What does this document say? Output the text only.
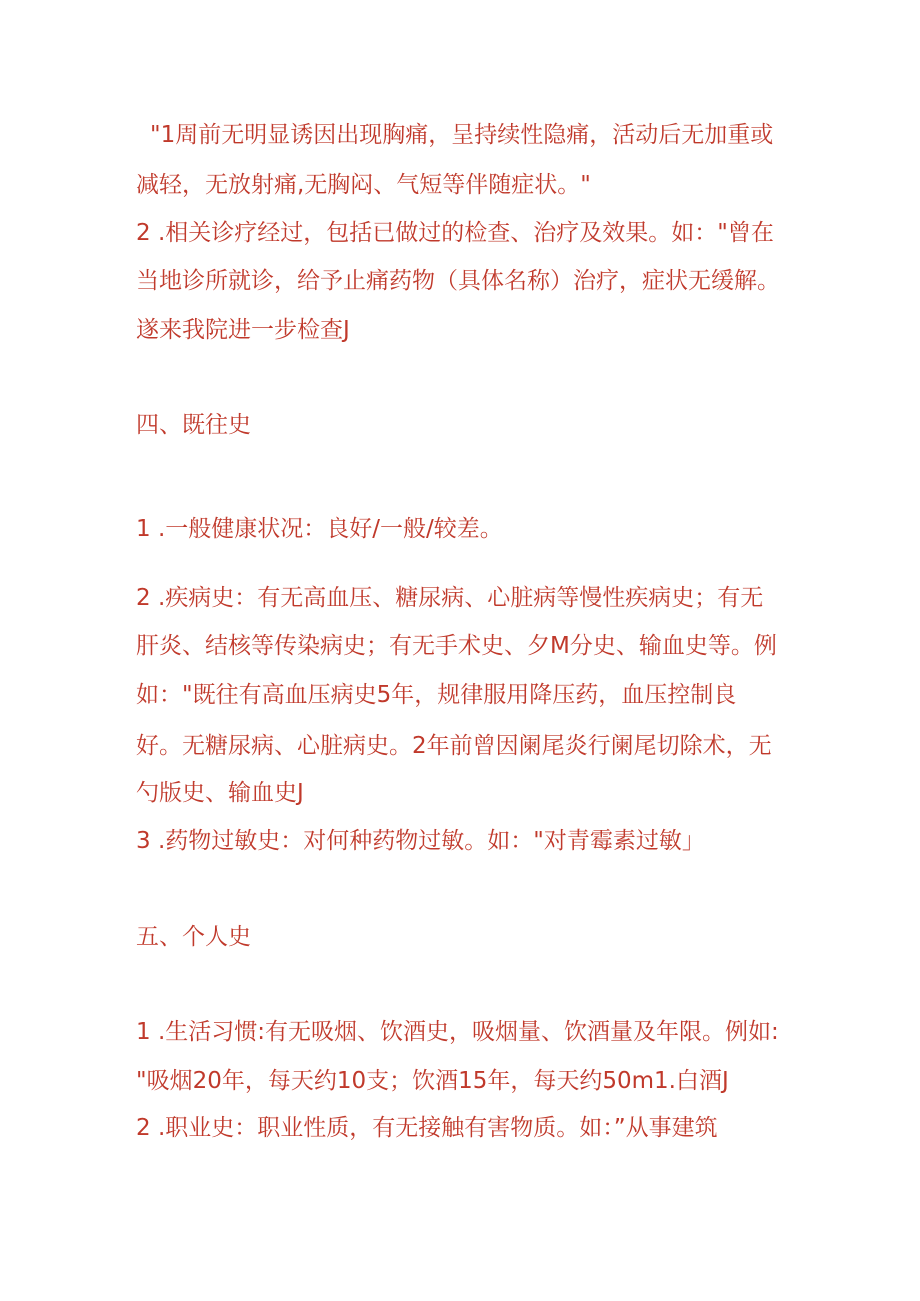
"1周前无明显诱因出现胸痛，呈持续性隐痛，活动后无加重或
减轻，无放射痛,无胸闷、气短等伴随症状。"
2 .相关诊疗经过，包括已做过的检查、治疗及效果。如："曾在
当地诊所就诊，给予止痛药物（具体名称）治疗，症状无缓解。
遂来我院进一步检查J
四、既往史
1 .一般健康状况：良好/一般/较差。
2 .疾病史：有无高血压、糖尿病、心脏病等慢性疾病史；有无
肝炎、结核等传染病史；有无手术史、夕M分史、输血史等。例
如："既往有高血压病史5年，规律服用降压药，血压控制良
好。无糖尿病、心脏病史。2年前曾因阑尾炎行阑尾切除术，无
勺版史、输血史J
3 .药物过敏史：对何种药物过敏。如："对青霉素过敏」
五、个人史
1 .生活习惯:有无吸烟、饮酒史，吸烟量、饮酒量及年限。例如:
"吸烟20年，每天约10支；饮酒15年，每天约50m1.白酒J
2 .职业史：职业性质，有无接触有害物质。如：”从事建筑
